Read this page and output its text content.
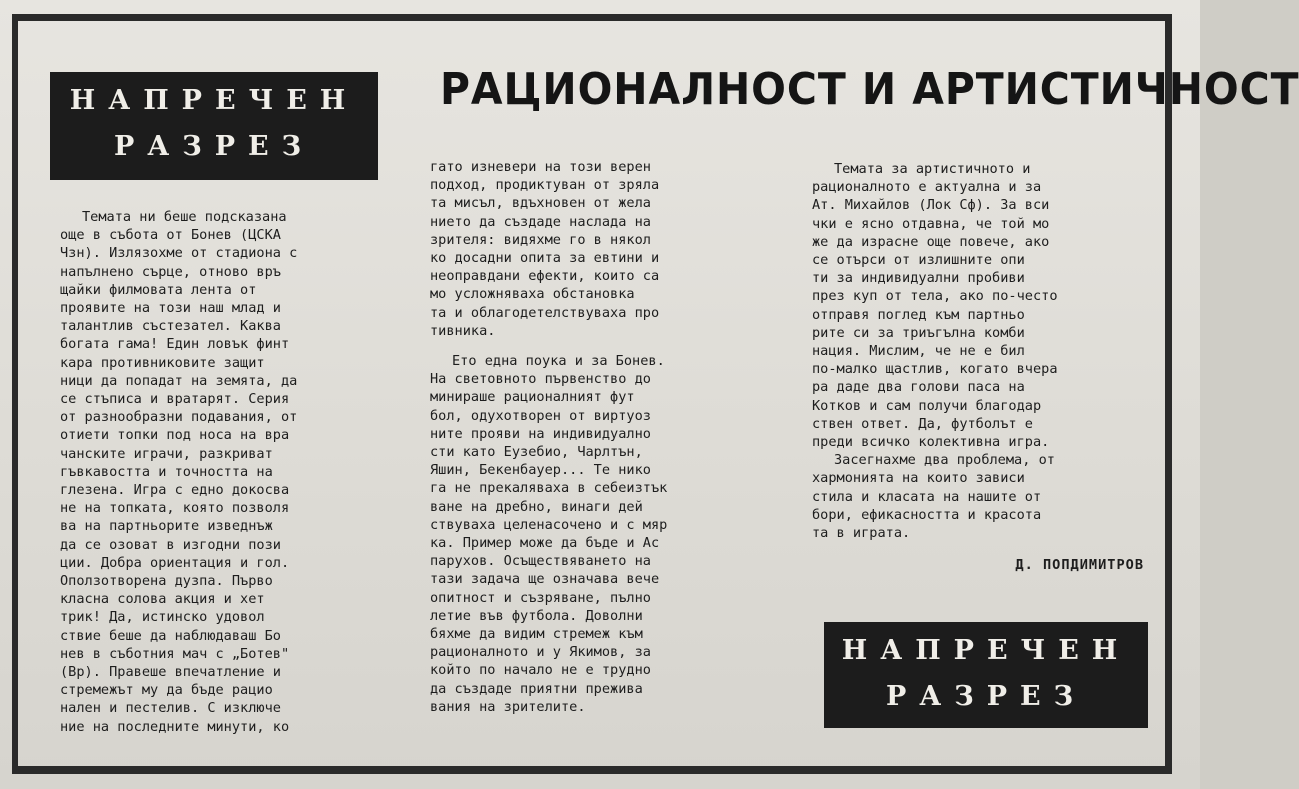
НАПРЕЧЕН
РАЗРЕЗ
РАЦИОНАЛНОСТ И АРТИСТИЧНОСТ
Темата ни беше подсказана
още в събота от Бонев (ЦСКА
Чзн). Излязохме от стадиона с
напълнено сърце, отново връ
щайки филмовата лента от
проявите на този наш млад и
талантлив състезател. Каква
богата гама! Един ловък финт
кара противниковите защит
ници да попадат на земята, да
се стъписа и вратарят. Серия
от разнообразни подавания, от
отиети топки под носа на вра
чанските играчи, разкриват
гъвкавостта и точността на
глезена. Игра с едно докосва
не на топката, която позволя
ва на партньорите изведнъж
да се озоват в изгодни пози
ции. Добра ориентация и гол.
Оползотворена дузпа. Първо
класна солова акция и хет
трик! Да, истинско удовол
ствие беше да наблюдаваш Бо
нев в съботния мач с „Ботев"
(Вр). Правеше впечатление и
стремежът му да бъде рацио
нален и пестелив. С изключе
ние на последните минути, ко
гато изневери на този верен
подход, продиктуван от зряла
та мисъл, вдъхновен от жела
нието да създаде наслада на
зрителя: видяхме го в някол
ко досадни опита за евтини и
неоправдани ефекти, които са
мо усложняваха обстановка
та и облагодетелствуваха про
тивника.
Ето една поука и за Бонев.
На световното първенство до
минираше рационалният фут
бол, одухотворен от виртуоз
ните прояви на индивидуално
сти като Еузебио, Чарлтън,
Яшин, Бекенбауер... Те нико
га не прекаляваха в себеизтък
ване на дребно, винаги дей
ствуваха целенасочено и с мяр
ка. Пример може да бъде и Ас
парухов. Осъществяването на
тази задача ще означава вече
опитност и съзряване, пълно
летие във футбола. Доволни
бяхме да видим стремеж към
рационалното и у Якимов, за
който по начало не е трудно
да създаде приятни прежива
вания на зрителите.
Темата за артистичното и
рационалното е актуална и за
Ат. Михайлов (Лок Сф). За вси
чки е ясно отдавна, че той мо
же да израсне още повече, ако
се отърси от излишните опи
ти за индивидуални пробиви
през куп от тела, ако по-често
отправя поглед към партньо
рите си за триъгълна комби
нация. Мислим, че не е бил
по-малко щастлив, когато вчера
ра даде два голови паса на
Котков и сам получи благодар
ствен ответ. Да, футболът е
преди всичко колективна игра.
Засегнахме два проблема, от
хармонията на които зависи
стила и класата на нашите от
бори, ефикасността и красота
та в играта.
Д. ПОПДИМИТРОВ
НАПРЕЧЕН
РАЗРЕЗ
